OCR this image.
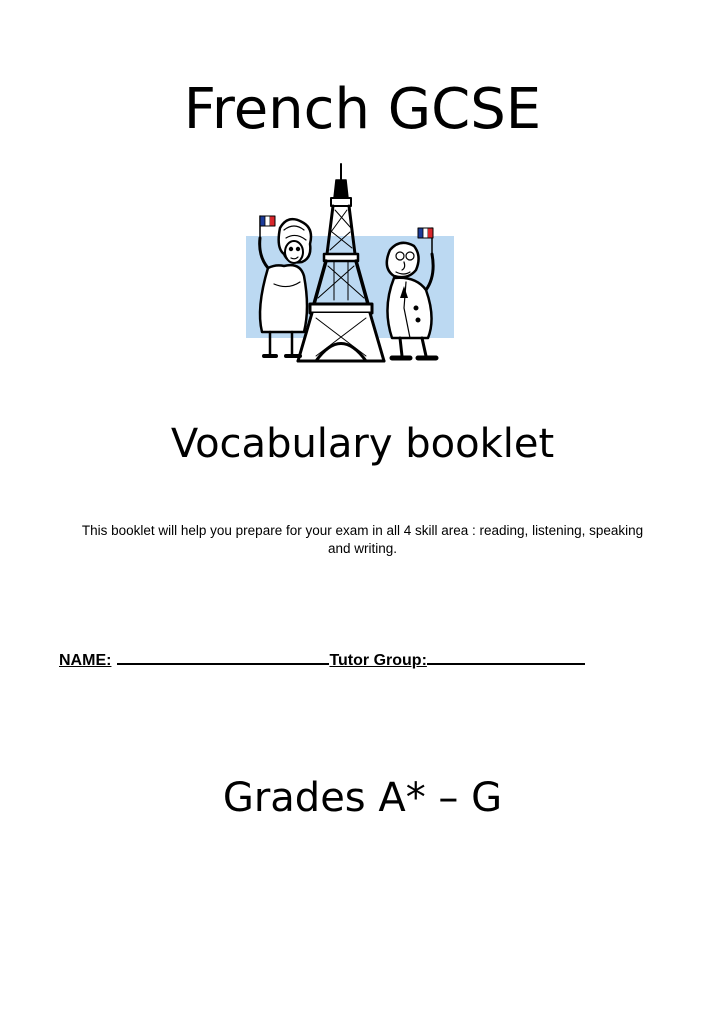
French GCSE
Vocabulary booklet

This booklet will help you prepare for your exam in all 4 skill area : reading, listening, speaking and writing.

NAME:	Tutor Group:
Grades A* – G
